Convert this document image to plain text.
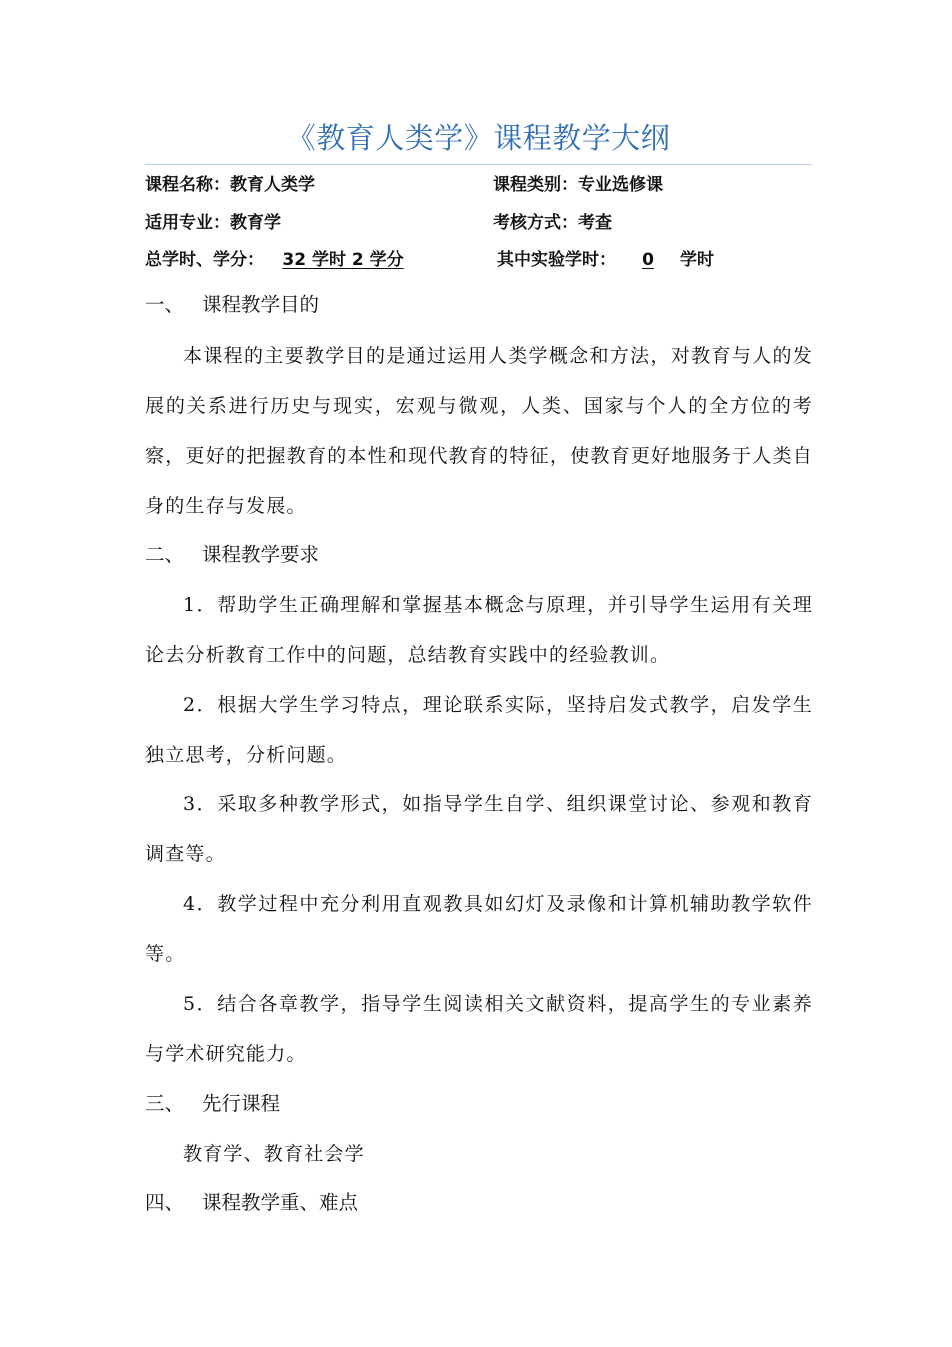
《教育人类学》课程教学大纲
课程名称：教育人类学	课程类别：专业选修课
适用专业：教育学	考核方式：考查
总学时、学分： 32 学时 2 学分	其中实验学时： 0 学时
一、 课程教学目的

本课程的主要教学目的是通过运用人类学概念和方法，对教育与人的发展的关系进行历史与现实，宏观与微观，人类、国家与个人的全方位的考察，更好的把握教育的本性和现代教育的特征，使教育更好地服务于人类自身的生存与发展。

二、 课程教学要求

1．帮助学生正确理解和掌握基本概念与原理，并引导学生运用有关理论去分析教育工作中的问题，总结教育实践中的经验教训。

2．根据大学生学习特点，理论联系实际，坚持启发式教学，启发学生独立思考，分析问题。

3．采取多种教学形式，如指导学生自学、组织课堂讨论、参观和教育调查等。

4．教学过程中充分利用直观教具如幻灯及录像和计算机辅助教学软件等。

5．结合各章教学，指导学生阅读相关文献资料，提高学生的专业素养与学术研究能力。

三、 先行课程

教育学、教育社会学

四、 课程教学重、难点
